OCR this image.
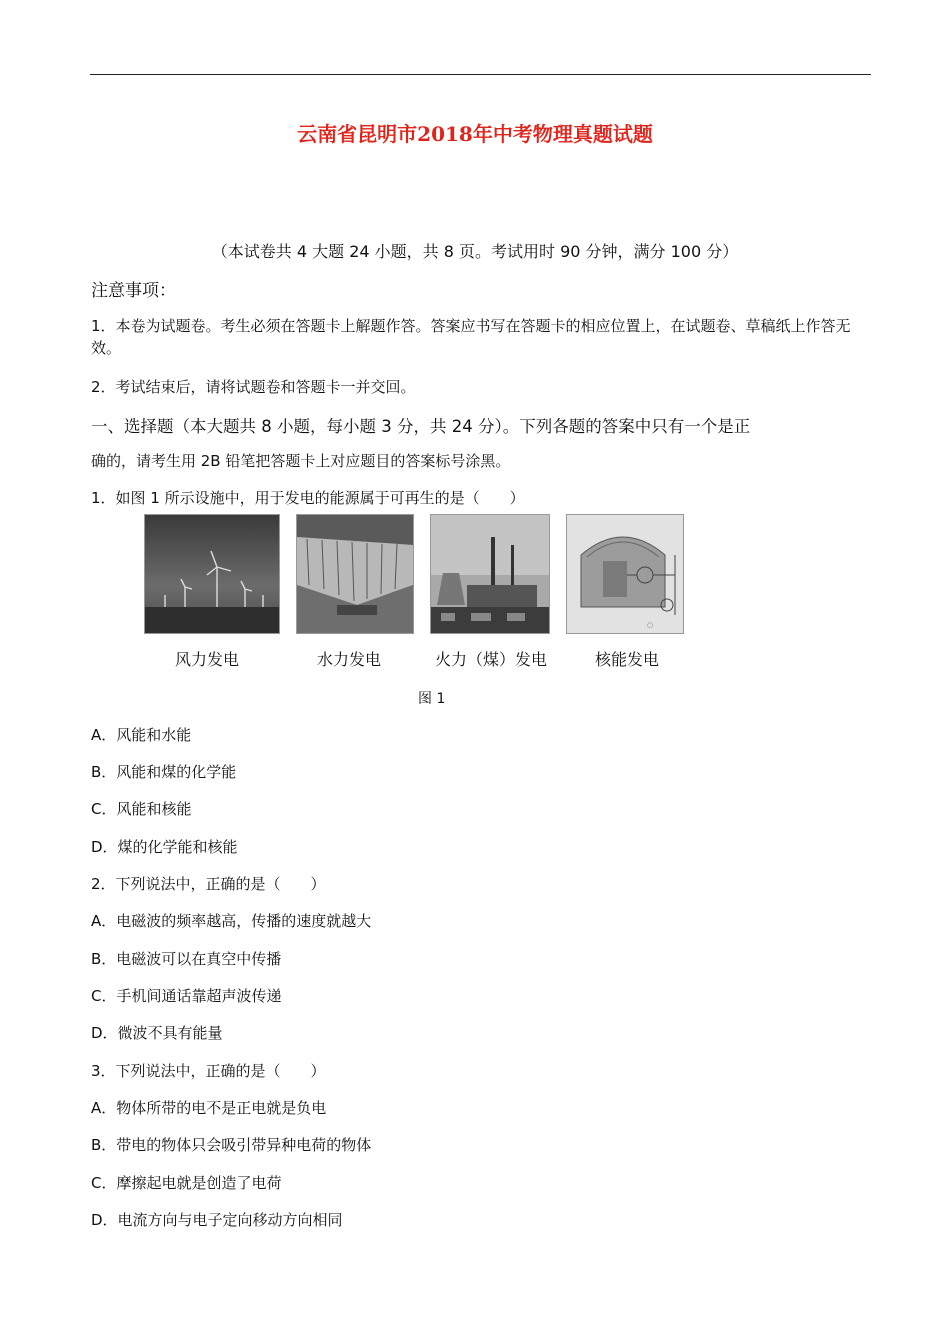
云南省昆明市2018年中考物理真题试题
（本试卷共 4 大题 24 小题，共 8 页。考试用时 90 分钟，满分 100 分）
注意事项：
1．本卷为试题卷。考生必须在答题卡上解题作答。答案应书写在答题卡的相应位置上，在试题卷、草稿纸上作答无效。
2．考试结束后，请将试题卷和答题卡一并交回。
一、选择题（本大题共 8 小题，每小题 3 分，共 24 分）。下列各题的答案中只有一个是正
确的，请考生用 2B 铅笔把答题卡上对应题目的答案标号涂黑。
1．如图 1 所示设施中，用于发电的能源属于可再生的是（　　）
○
风力发电	水力发电	火力（煤）发电	核能发电
图 1
A．风能和水能
B．风能和煤的化学能
C．风能和核能
D．煤的化学能和核能
2．下列说法中，正确的是（　　）
A．电磁波的频率越高，传播的速度就越大
B．电磁波可以在真空中传播
C．手机间通话靠超声波传递
D．微波不具有能量
3．下列说法中，正确的是（　　）
A．物体所带的电不是正电就是负电
B．带电的物体只会吸引带异种电荷的物体
C．摩擦起电就是创造了电荷
D．电流方向与电子定向移动方向相同
